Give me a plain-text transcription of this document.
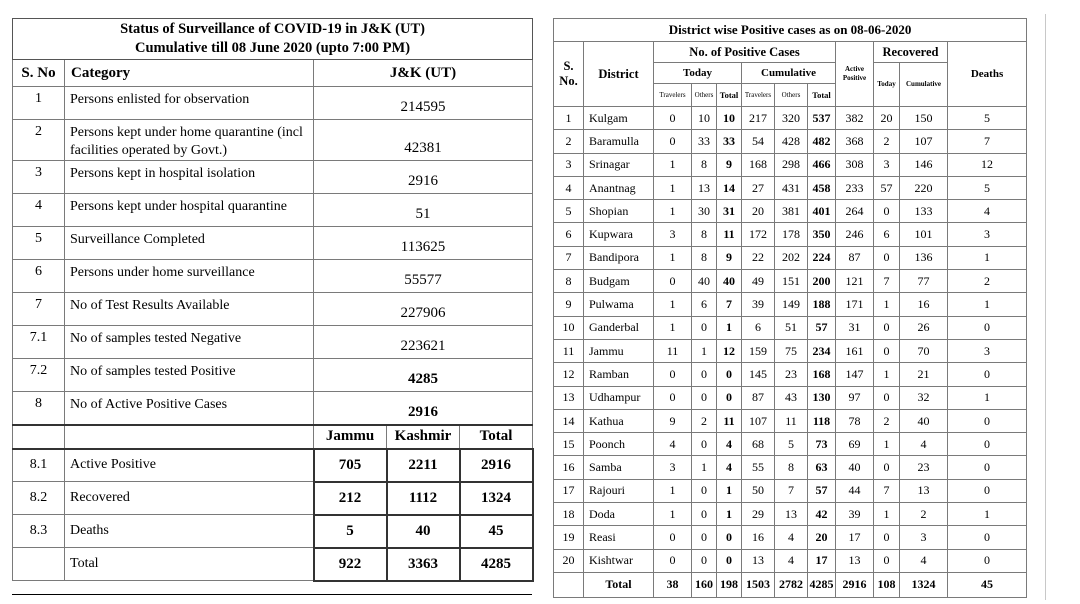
Status of Surveillance of COVID-19 in J&K (UT)
Cumulative till 08 June 2020 (upto 7:00 PM)				

S. No	Category	J&K (UT)		
1	Persons enlisted for observation	214595		
2	Persons kept under home quarantine (incl facilities operated by Govt.)	42381		
3	Persons kept in hospital isolation	2916		
4	Persons kept under hospital quarantine	51		
5	Surveillance Completed	113625		
6	Persons under home surveillance	55577		
7	No of Test Results Available	227906		
7.1	No of samples tested Negative	223621		
7.2	No of samples tested Positive	4285		
8	No of Active Positive Cases	2916		
		Jammu	Kashmir	Total
8.1	Active Positive	705	2211	2916
8.2	Recovered	212	1112	1324
8.3	Deaths	5	40	45
	Total	922	3363	4285
District wise Positive cases as on 08-06-2020											
S. No.	District	No. of Positive Cases						Active Positive	Recovered		Deaths
		Today			Cumulative				Today	Cumulative	
		Travelers	Others	Total	Travelers	Others	Total				
1	Kulgam	0	10	10	217	320	537	382	20	150	5
2	Baramulla	0	33	33	54	428	482	368	2	107	7
3	Srinagar	1	8	9	168	298	466	308	3	146	12
4	Anantnag	1	13	14	27	431	458	233	57	220	5
5	Shopian	1	30	31	20	381	401	264	0	133	4
6	Kupwara	3	8	11	172	178	350	246	6	101	3
7	Bandipora	1	8	9	22	202	224	87	0	136	1
8	Budgam	0	40	40	49	151	200	121	7	77	2
9	Pulwama	1	6	7	39	149	188	171	1	16	1
10	Ganderbal	1	0	1	6	51	57	31	0	26	0
11	Jammu	11	1	12	159	75	234	161	0	70	3
12	Ramban	0	0	0	145	23	168	147	1	21	0
13	Udhampur	0	0	0	87	43	130	97	0	32	1
14	Kathua	9	2	11	107	11	118	78	2	40	0
15	Poonch	4	0	4	68	5	73	69	1	4	0
16	Samba	3	1	4	55	8	63	40	0	23	0
17	Rajouri	1	0	1	50	7	57	44	7	13	0
18	Doda	1	0	1	29	13	42	39	1	2	1
19	Reasi	0	0	0	16	4	20	17	0	3	0
20	Kishtwar	0	0	0	13	4	17	13	0	4	0
	Total	38	160	198	1503	2782	4285	2916	108	1324	45
